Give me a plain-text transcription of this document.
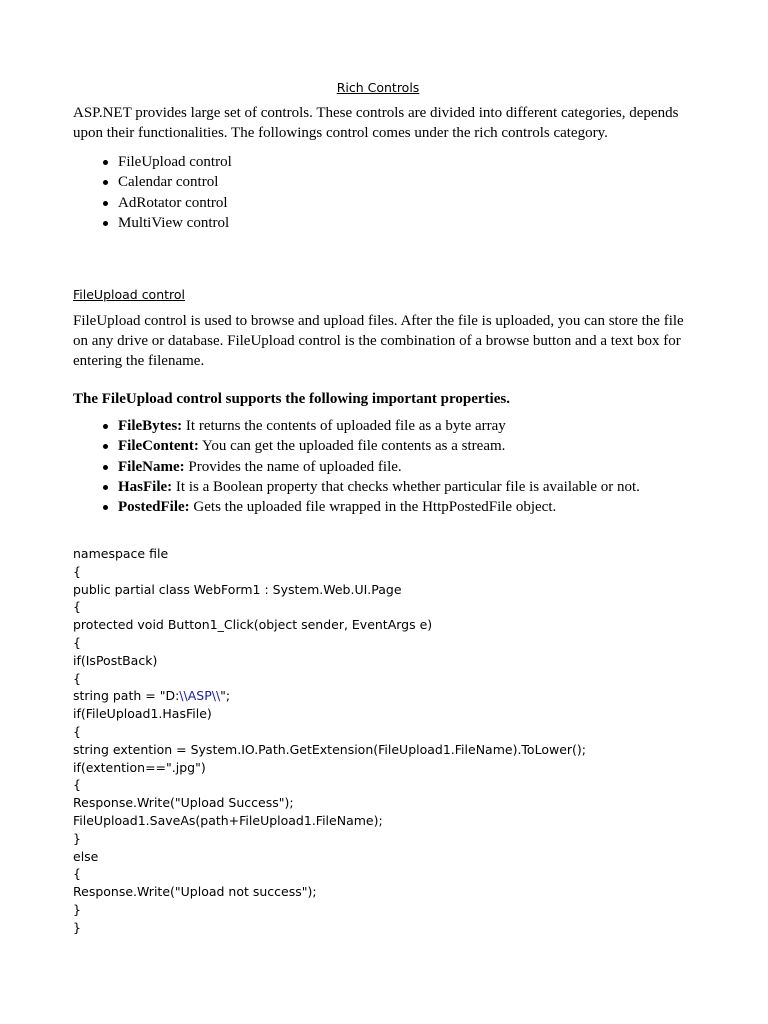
Rich Controls

ASP.NET provides large set of controls. These controls are divided into different categories, depends upon their functionalities. The followings control comes under the rich controls category.

FileUpload control
Calendar control
AdRotator control
MultiView control
FileUpload control

FileUpload control is used to browse and upload files. After the file is uploaded, you can store the file on any drive or database. FileUpload control is the combination of a browse button and a text box for entering the filename.

The FileUpload control supports the following important properties.

FileBytes: It returns the contents of uploaded file as a byte array
FileContent: You can get the uploaded file contents as a stream.
FileName: Provides the name of uploaded file.
HasFile: It is a Boolean property that checks whether particular file is available or not.
PostedFile: Gets the uploaded file wrapped in the HttpPostedFile object.
namespace file
{
public partial class WebForm1 : System.Web.UI.Page
{
protected void Button1_Click(object sender, EventArgs e)
{
if(IsPostBack)
{
string path = "D:\\ASP\\";
if(FileUpload1.HasFile)
{
string extention = System.IO.Path.GetExtension(FileUpload1.FileName).ToLower();
if(extention==".jpg")
{
Response.Write("Upload Success");
FileUpload1.SaveAs(path+FileUpload1.FileName);
}
else
{
Response.Write("Upload not success");
}
}
